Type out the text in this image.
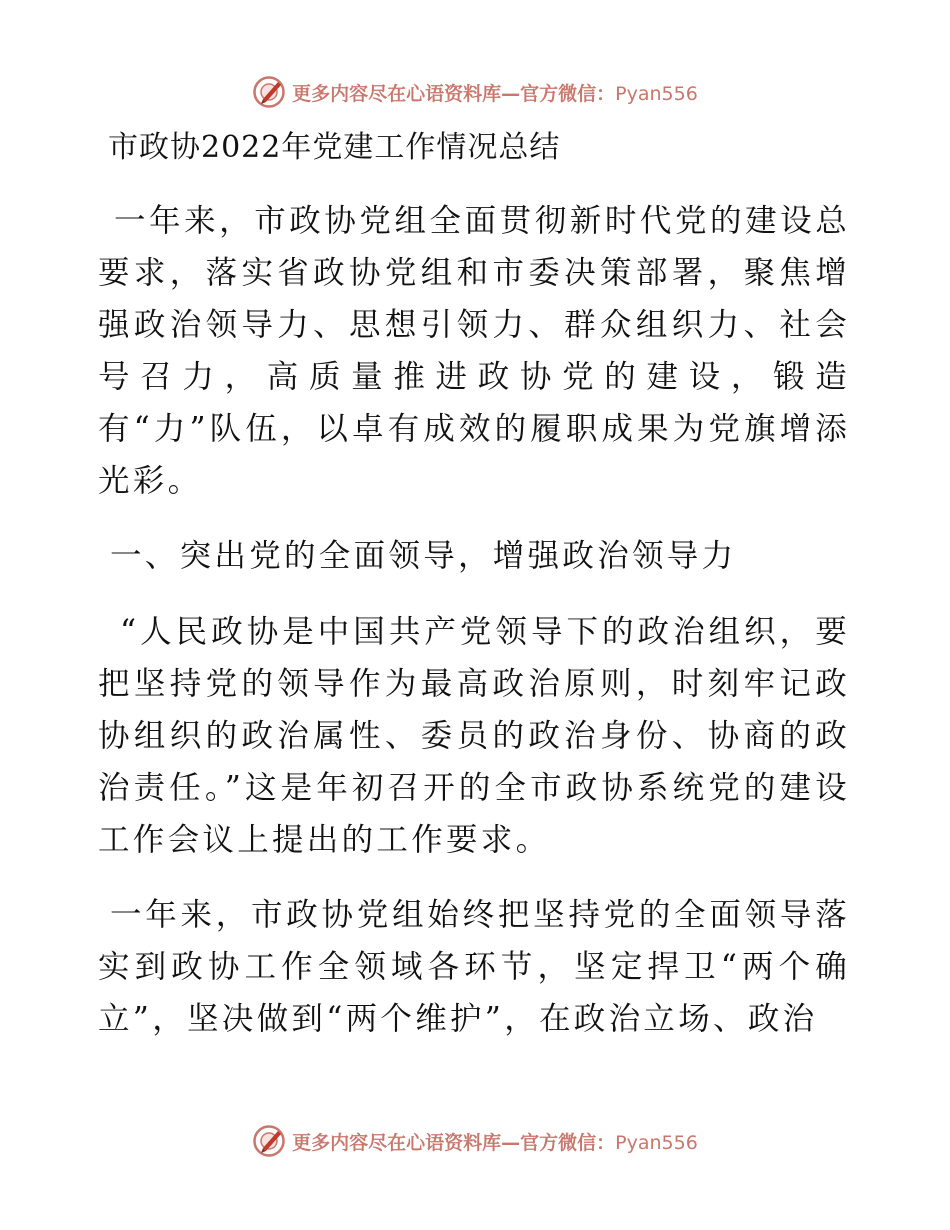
更多内容尽在心语资料库—官方微信：Pyan556
市政协2022年党建工作情况总结

一年来，市政协党组全面贯彻新时代党的建设总要求，落实省政协党组和市委决策部署，聚焦增强政治领导力、思想引领力、群众组织力、社会号召力，高质量推进政协党的建设，锻造有“力”队伍，以卓有成效的履职成果为党旗增添光彩。

一、突出党的全面领导，增强政治领导力

“人民政协是中国共产党领导下的政治组织，要把坚持党的领导作为最高政治原则，时刻牢记政协组织的政治属性、委员的政治身份、协商的政治责任。”这是年初召开的全市政协系统党的建设工作会议上提出的工作要求。

一年来，市政协党组始终把坚持党的全面领导落实到政协工作全领域各环节，坚定捍卫“两个确立”，坚决做到“两个维护”，在政治立场、政治

更多内容尽在心语资料库—官方微信：Pyan556
